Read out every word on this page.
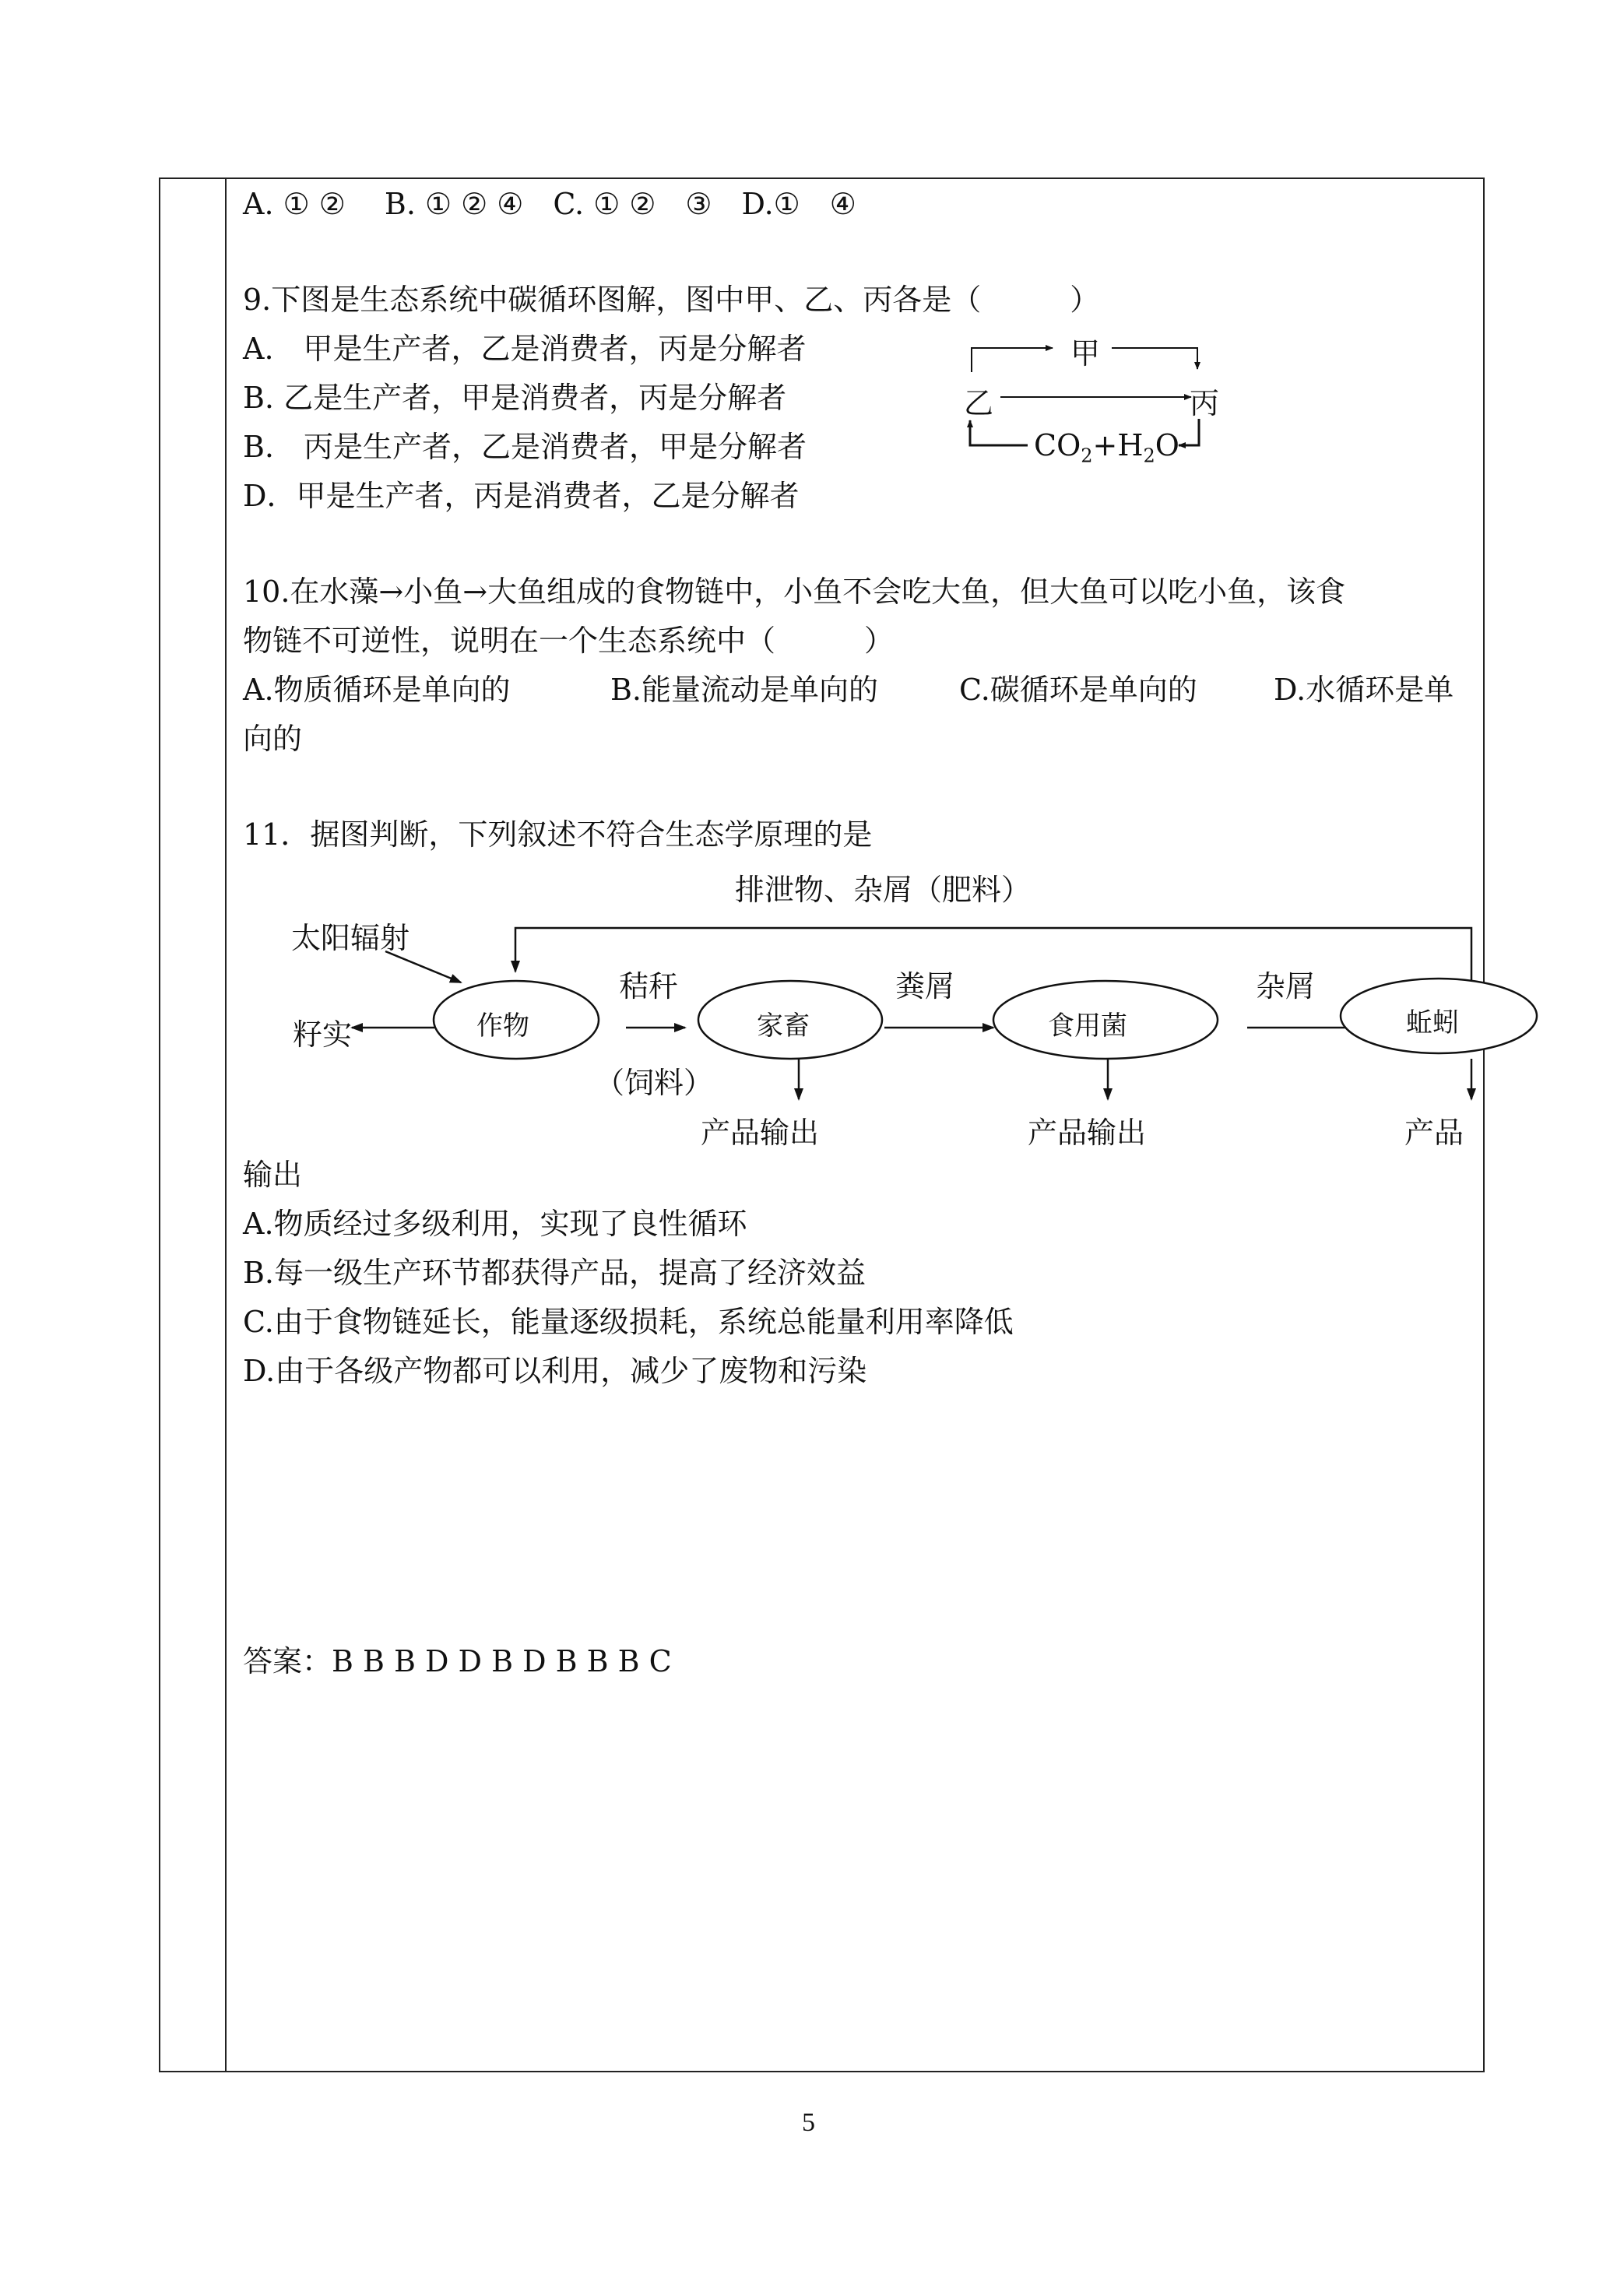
A. ① ②　 B. ① ② ④　C. ① ②　③　D.①　④
9.下图是生态系统中碳循环图解，图中甲、乙、丙各是（　　　）
A.　甲是生产者，乙是消费者，丙是分解者
B. 乙是生产者，甲是消费者，丙是分解者
B.　丙是生产者，乙是消费者，甲是分解者
D．甲是生产者，丙是消费者，乙是分解者
甲
乙	丙
$CO_2+H_2O$
10.在水藻→小鱼→大鱼组成的食物链中，小鱼不会吃大鱼，但大鱼可以吃小鱼，该食
物链不可逆性，说明在一个生态系统中（　　　）
A.物质循环是单向的	B.能量流动是单向的	C.碳循环是单向的	D.水循环是单
向的
11．据图判断，下列叙述不符合生态学原理的是
排泄物、杂屑（肥料）
太阳辐射
籽实	作物
秸秆
（饲料）
家畜
粪屑
食用菌
杂屑
蚯蚓
产品输出	产品输出	产品
输出
A.物质经过多级利用，实现了良性循环
B.每一级生产环节都获得产品，提高了经济效益
C.由于食物链延长，能量逐级损耗，系统总能量利用率降低
D.由于各级产物都可以利用，减少了废物和污染
答案：B B B D D B D B B B C
5
